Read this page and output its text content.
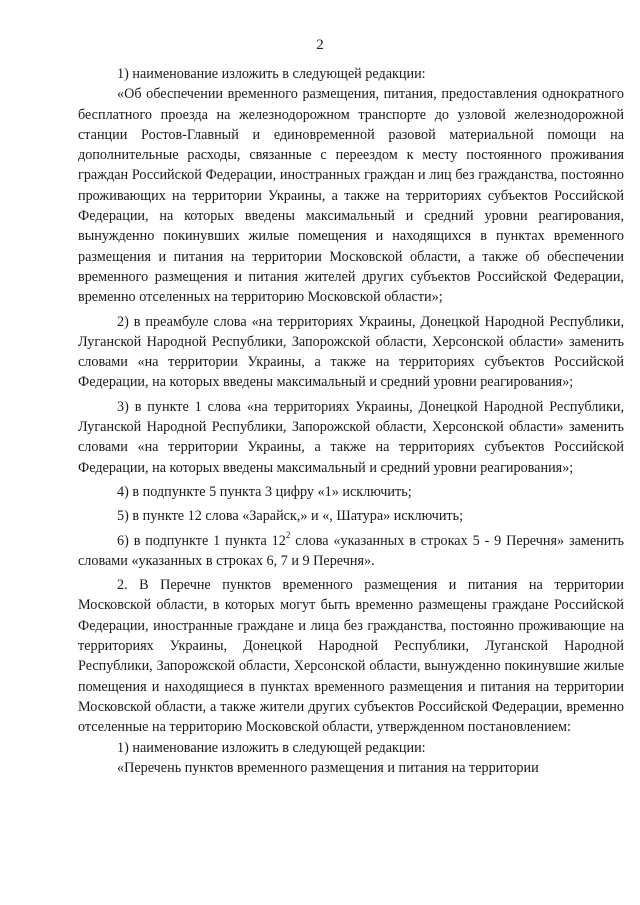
2

1) наименование изложить в следующей редакции:

«Об обеспечении временного размещения, питания, предоставления однократного бесплатного проезда на железнодорожном транспорте до узловой железнодорожной станции Ростов-Главный и единовременной разовой материальной помощи на дополнительные расходы, связанные с переездом к месту постоянного проживания граждан Российской Федерации, иностранных граждан и лиц без гражданства, постоянно проживающих на территории Украины, а также на территориях субъектов Российской Федерации, на которых введены максимальный и средний уровни реагирования, вынужденно покинувших жилые помещения и находящихся в пунктах временного размещения и питания на территории Московской области, а также об обеспечении временного размещения и питания жителей других субъектов Российской Федерации, временно отселенных на территорию Московской области»;

2) в преамбуле слова «на территориях Украины, Донецкой Народной Республики, Луганской Народной Республики, Запорожской области, Херсонской области» заменить словами «на территории Украины, а также на территориях субъектов Российской Федерации, на которых введены максимальный и средний уровни реагирования»;

3) в пункте 1 слова «на территориях Украины, Донецкой Народной Республики, Луганской Народной Республики, Запорожской области, Херсонской области» заменить словами «на территории Украины, а также на территориях субъектов Российской Федерации, на которых введены максимальный и средний уровни реагирования»;

4) в подпункте 5 пункта 3 цифру «1» исключить;

5) в пункте 12 слова «Зарайск,» и «, Шатура» исключить;

6) в подпункте 1 пункта $12^2$ слова «указанных в строках 5 - 9 Перечня» заменить словами «указанных в строках 6, 7 и 9 Перечня».

2. В Перечне пунктов временного размещения и питания на территории Московской области, в которых могут быть временно размещены граждане Российской Федерации, иностранные граждане и лица без гражданства, постоянно проживающие на территориях Украины, Донецкой Народной Республики, Луганской Народной Республики, Запорожской области, Херсонской области, вынужденно покинувшие жилые помещения и находящиеся в пунктах временного размещения и питания на территории Московской области, а также жители других субъектов Российской Федерации, временно отселенные на территорию Московской области, утвержденном постановлением:

1) наименование изложить в следующей редакции:

«Перечень пунктов временного размещения и питания на территории
